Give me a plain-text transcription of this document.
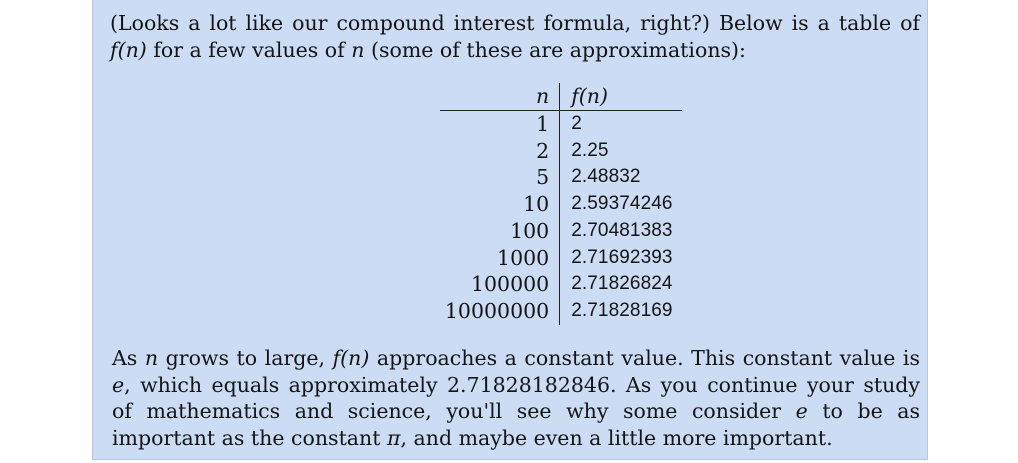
(Looks a lot like our compound interest formula, right?) Below is a table of f(n) for a few values of n (some of these are approximations):

n	f(n)
1	2
2	2.25
5	2.48832
10	2.59374246
100	2.70481383
1000	2.71692393
100000	2.71826824
10000000	2.71828169

As n grows to large, f(n) approaches a constant value. This constant value is e, which equals approximately 2.71828182846. As you continue your study of mathematics and science, you'll see why some consider e to be as important as the constant π, and maybe even a little more important.
